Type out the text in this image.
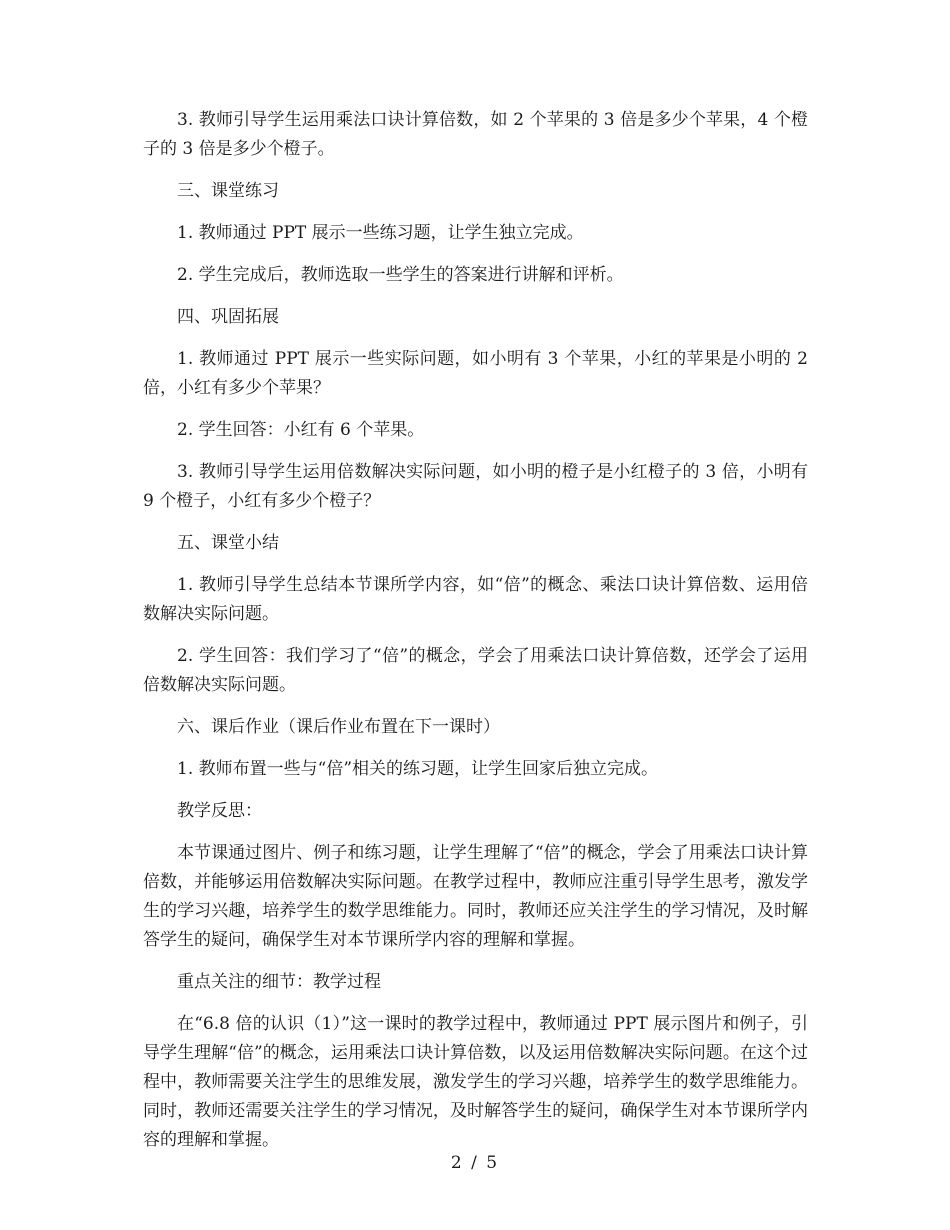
3. 教师引导学生运用乘法口诀计算倍数，如 2 个苹果的 3 倍是多少个苹果，4 个橙子的 3 倍是多少个橙子。

三、课堂练习

1. 教师通过 PPT 展示一些练习题，让学生独立完成。

2. 学生完成后，教师选取一些学生的答案进行讲解和评析。

四、巩固拓展

1. 教师通过 PPT 展示一些实际问题，如小明有 3 个苹果，小红的苹果是小明的 2 倍，小红有多少个苹果？

2. 学生回答：小红有 6 个苹果。

3. 教师引导学生运用倍数解决实际问题，如小明的橙子是小红橙子的 3 倍，小明有 9 个橙子，小红有多少个橙子？

五、课堂小结

1. 教师引导学生总结本节课所学内容，如“倍”的概念、乘法口诀计算倍数、运用倍数解决实际问题。

2. 学生回答：我们学习了“倍”的概念，学会了用乘法口诀计算倍数，还学会了运用倍数解决实际问题。

六、课后作业（课后作业布置在下一课时）

1. 教师布置一些与“倍”相关的练习题，让学生回家后独立完成。

教学反思：

本节课通过图片、例子和练习题，让学生理解了“倍”的概念，学会了用乘法口诀计算倍数，并能够运用倍数解决实际问题。在教学过程中，教师应注重引导学生思考，激发学生的学习兴趣，培养学生的数学思维能力。同时，教师还应关注学生的学习情况，及时解答学生的疑问，确保学生对本节课所学内容的理解和掌握。

重点关注的细节：教学过程

在“6.8 倍的认识（1）”这一课时的教学过程中，教师通过 PPT 展示图片和例子，引导学生理解“倍”的概念，运用乘法口诀计算倍数，以及运用倍数解决实际问题。在这个过程中，教师需要关注学生的思维发展，激发学生的学习兴趣，培养学生的数学思维能力。同时，教师还需要关注学生的学习情况，及时解答学生的疑问，确保学生对本节课所学内容的理解和掌握。

2 / 5
